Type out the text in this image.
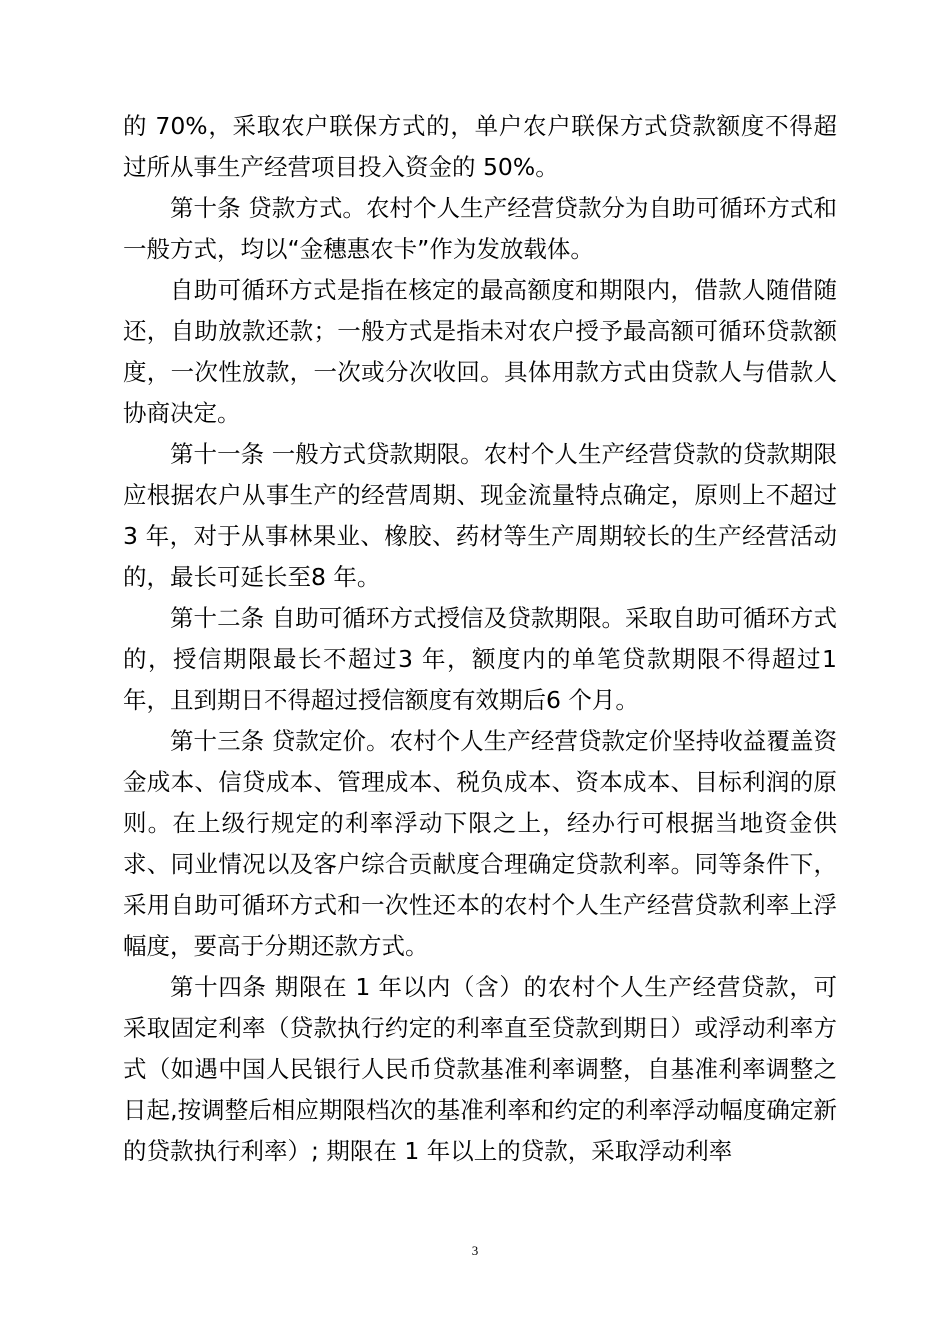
的 70%，采取农户联保方式的，单户农户联保方式贷款额度不得超过所从事生产经营项目投入资金的 50%。

第十条 贷款方式。农村个人生产经营贷款分为自助可循环方式和一般方式，均以“金穗惠农卡”作为发放载体。

自助可循环方式是指在核定的最高额度和期限内，借款人随借随还，自助放款还款；一般方式是指未对农户授予最高额可循环贷款额度，一次性放款，一次或分次收回。具体用款方式由贷款人与借款人协商决定。

第十一条 一般方式贷款期限。农村个人生产经营贷款的贷款期限应根据农户从事生产的经营周期、现金流量特点确定，原则上不超过 3 年，对于从事林果业、橡胶、药材等生产周期较长的生产经营活动的，最长可延长至8 年。

第十二条 自助可循环方式授信及贷款期限。采取自助可循环方式的，授信期限最长不超过3 年，额度内的单笔贷款期限不得超过1 年，且到期日不得超过授信额度有效期后6 个月。

第十三条 贷款定价。农村个人生产经营贷款定价坚持收益覆盖资金成本、信贷成本、管理成本、税负成本、资本成本、目标利润的原则。在上级行规定的利率浮动下限之上，经办行可根据当地资金供求、同业情况以及客户综合贡献度合理确定贷款利率。同等条件下，采用自助可循环方式和一次性还本的农村个人生产经营贷款利率上浮幅度，要高于分期还款方式。

第十四条 期限在 1 年以内（含）的农村个人生产经营贷款，可采取固定利率（贷款执行约定的利率直至贷款到期日）或浮动利率方式（如遇中国人民银行人民币贷款基准利率调整，自基准利率调整之日起,按调整后相应期限档次的基准利率和约定的利率浮动幅度确定新的贷款执行利率）; 期限在 1 年以上的贷款，采取浮动利率

3
